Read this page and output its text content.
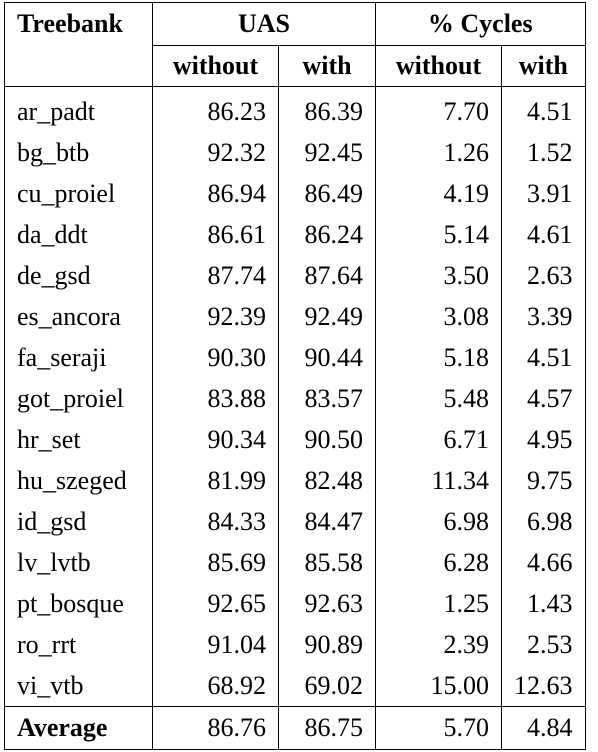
Treebank	UAS		% Cycles	
	without	with	without	with
ar_padt	86.23	86.39	7.70	4.51
bg_btb	92.32	92.45	1.26	1.52
cu_proiel	86.94	86.49	4.19	3.91
da_ddt	86.61	86.24	5.14	4.61
de_gsd	87.74	87.64	3.50	2.63
es_ancora	92.39	92.49	3.08	3.39
fa_seraji	90.30	90.44	5.18	4.51
got_proiel	83.88	83.57	5.48	4.57
hr_set	90.34	90.50	6.71	4.95
hu_szeged	81.99	82.48	11.34	9.75
id_gsd	84.33	84.47	6.98	6.98
lv_lvtb	85.69	85.58	6.28	4.66
pt_bosque	92.65	92.63	1.25	1.43
ro_rrt	91.04	90.89	2.39	2.53
vi_vtb	68.92	69.02	15.00	12.63
Average	86.76	86.75	5.70	4.84
